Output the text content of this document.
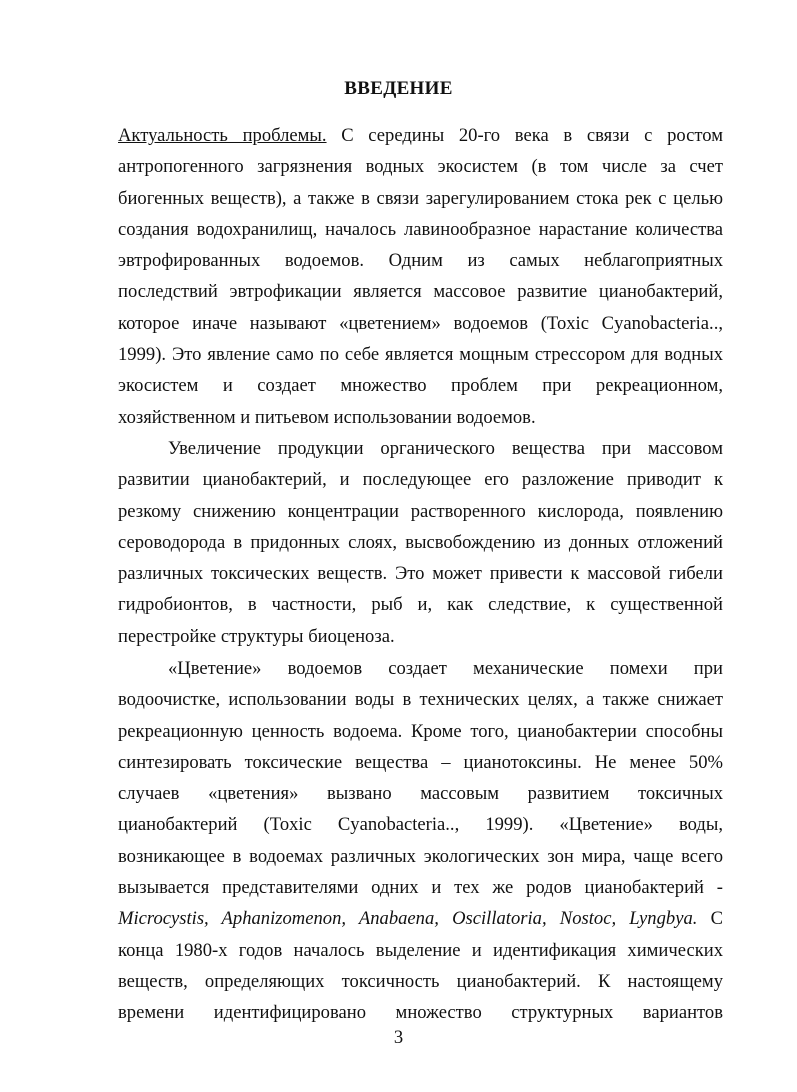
ВВЕДЕНИЕ
Актуальность проблемы. С середины 20-го века в связи с ростом
антропогенного загрязнения водных экосистем (в том числе за счет
биогенных веществ), а также в связи зарегулированием стока рек с целью
создания водохранилищ, началось лавинообразное нарастание количества
эвтрофированных водоемов. Одним из самых неблагоприятных
последствий эвтрофикации является массовое развитие цианобактерий,
которое иначе называют «цветением» водоемов (Toxic Cyanobacteria..,
1999). Это явление само по себе является мощным стрессором для водных
экосистем и создает множество проблем при рекреационном,
хозяйственном и питьевом использовании водоемов.
Увеличение продукции органического вещества при массовом
развитии цианобактерий, и последующее его разложение приводит к
резкому снижению концентрации растворенного кислорода, появлению
сероводорода в придонных слоях, высвобождению из донных отложений
различных токсических веществ. Это может привести к массовой гибели
гидробионтов, в частности, рыб и, как следствие, к существенной
перестройке структуры биоценоза.
«Цветение» водоемов создает механические помехи при
водоочистке, использовании воды в технических целях, а также снижает
рекреационную ценность водоема. Кроме того, цианобактерии способны
синтезировать токсические вещества – цианотоксины. Не менее 50%
случаев «цветения» вызвано массовым развитием токсичных
цианобактерий (Toxic Cyanobacteria.., 1999). «Цветение» воды,
возникающее в водоемах различных экологических зон мира, чаще всего
вызывается представителями одних и тех же родов цианобактерий -
Microcystis, Aphanizomenon, Anabaena, Oscillatoria, Nostoc, Lyngbya. С
конца 1980-х годов началось выделение и идентификация химических
веществ, определяющих токсичность цианобактерий. К настоящему
времени идентифицировано множество структурных вариантов
3
